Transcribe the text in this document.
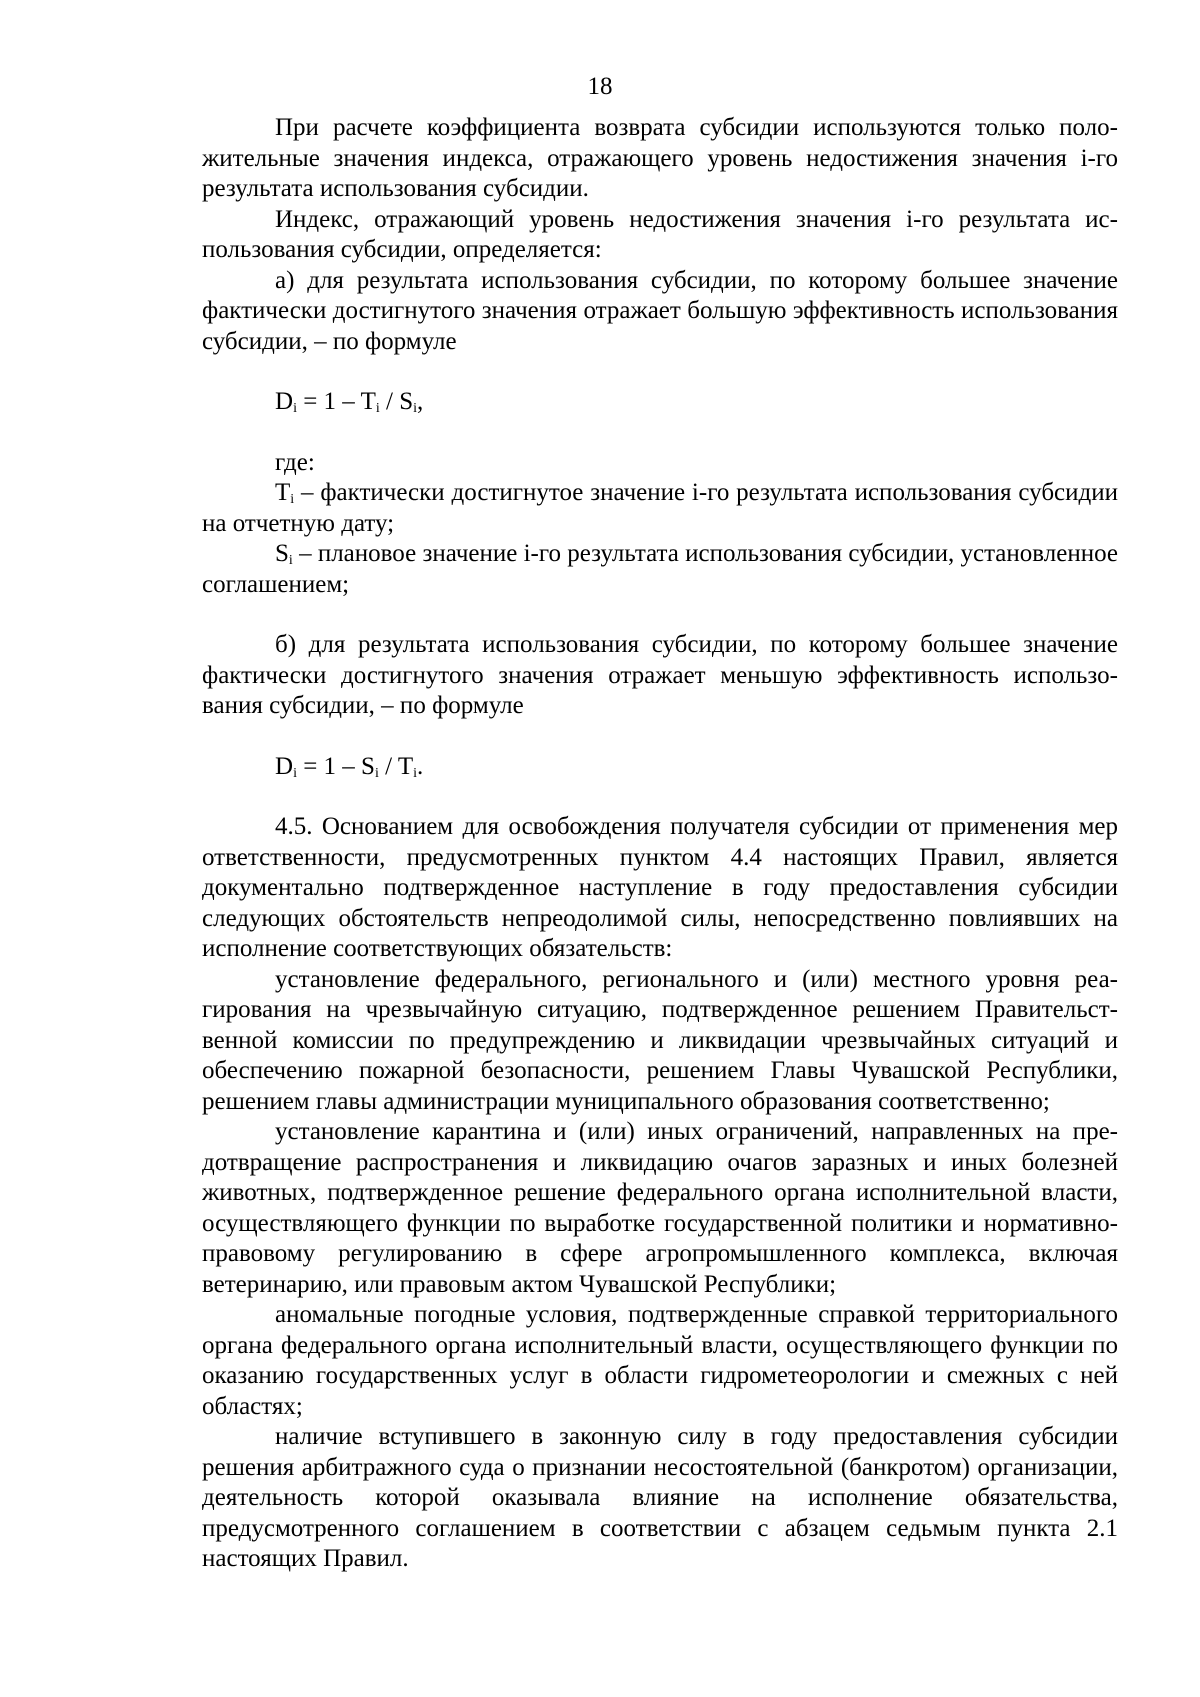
18

При расчете коэффициента возврата субсидии используются только положительные значения индекса, отражающего уровень недостижения значения i-го результата использования субсидии.

Индекс, отражающий уровень недостижения значения i-го результата использования субсидии, определяется:

а) для результата использования субсидии, по которому большее значение фактически достигнутого значения отражает большую эффективность использования субсидии, – по формуле

$D_i = 1 - T_i / S_i$,

где:

$T_i$ – фактически достигнутое значение i-го результата использования субсидии на отчетную дату;

$S_i$ – плановое значение i-го результата использования субсидии, установленное соглашением;

б) для результата использования субсидии, по которому большее значение фактически достигнутого значения отражает меньшую эффективность использования субсидии, – по формуле

$D_i = 1 - S_i / T_i$.

4.5. Основанием для освобождения получателя субсидии от применения мер ответственности, предусмотренных пунктом 4.4 настоящих Правил, является документально подтвержденное наступление в году предоставления субсидии следующих обстоятельств непреодолимой силы, непосредственно повлиявших на исполнение соответствующих обязательств:

установление федерального, регионального и (или) местного уровня реагирования на чрезвычайную ситуацию, подтвержденное решением Правительственной комиссии по предупреждению и ликвидации чрезвычайных ситуаций и обеспечению пожарной безопасности, решением Главы Чувашской Республики, решением главы администрации муниципального образования соответственно;

установление карантина и (или) иных ограничений, направленных на предотвращение распространения и ликвидацию очагов заразных и иных болезней животных, подтвержденное решение федерального органа исполнительной власти, осуществляющего функции по выработке государственной политики и нормативно-правовому регулированию в сфере агропромышленного комплекса, включая ветеринарию, или правовым актом Чувашской Республики;

аномальные погодные условия, подтвержденные справкой территориального органа федерального органа исполнительный власти, осуществляющего функции по оказанию государственных услуг в области гидрометеорологии и смежных с ней областях;

наличие вступившего в законную силу в году предоставления субсидии решения арбитражного суда о признании несостоятельной (банкротом) организации, деятельность которой оказывала влияние на исполнение обязательства, предусмотренного соглашением в соответствии с абзацем седьмым пункта 2.1 настоящих Правил.
